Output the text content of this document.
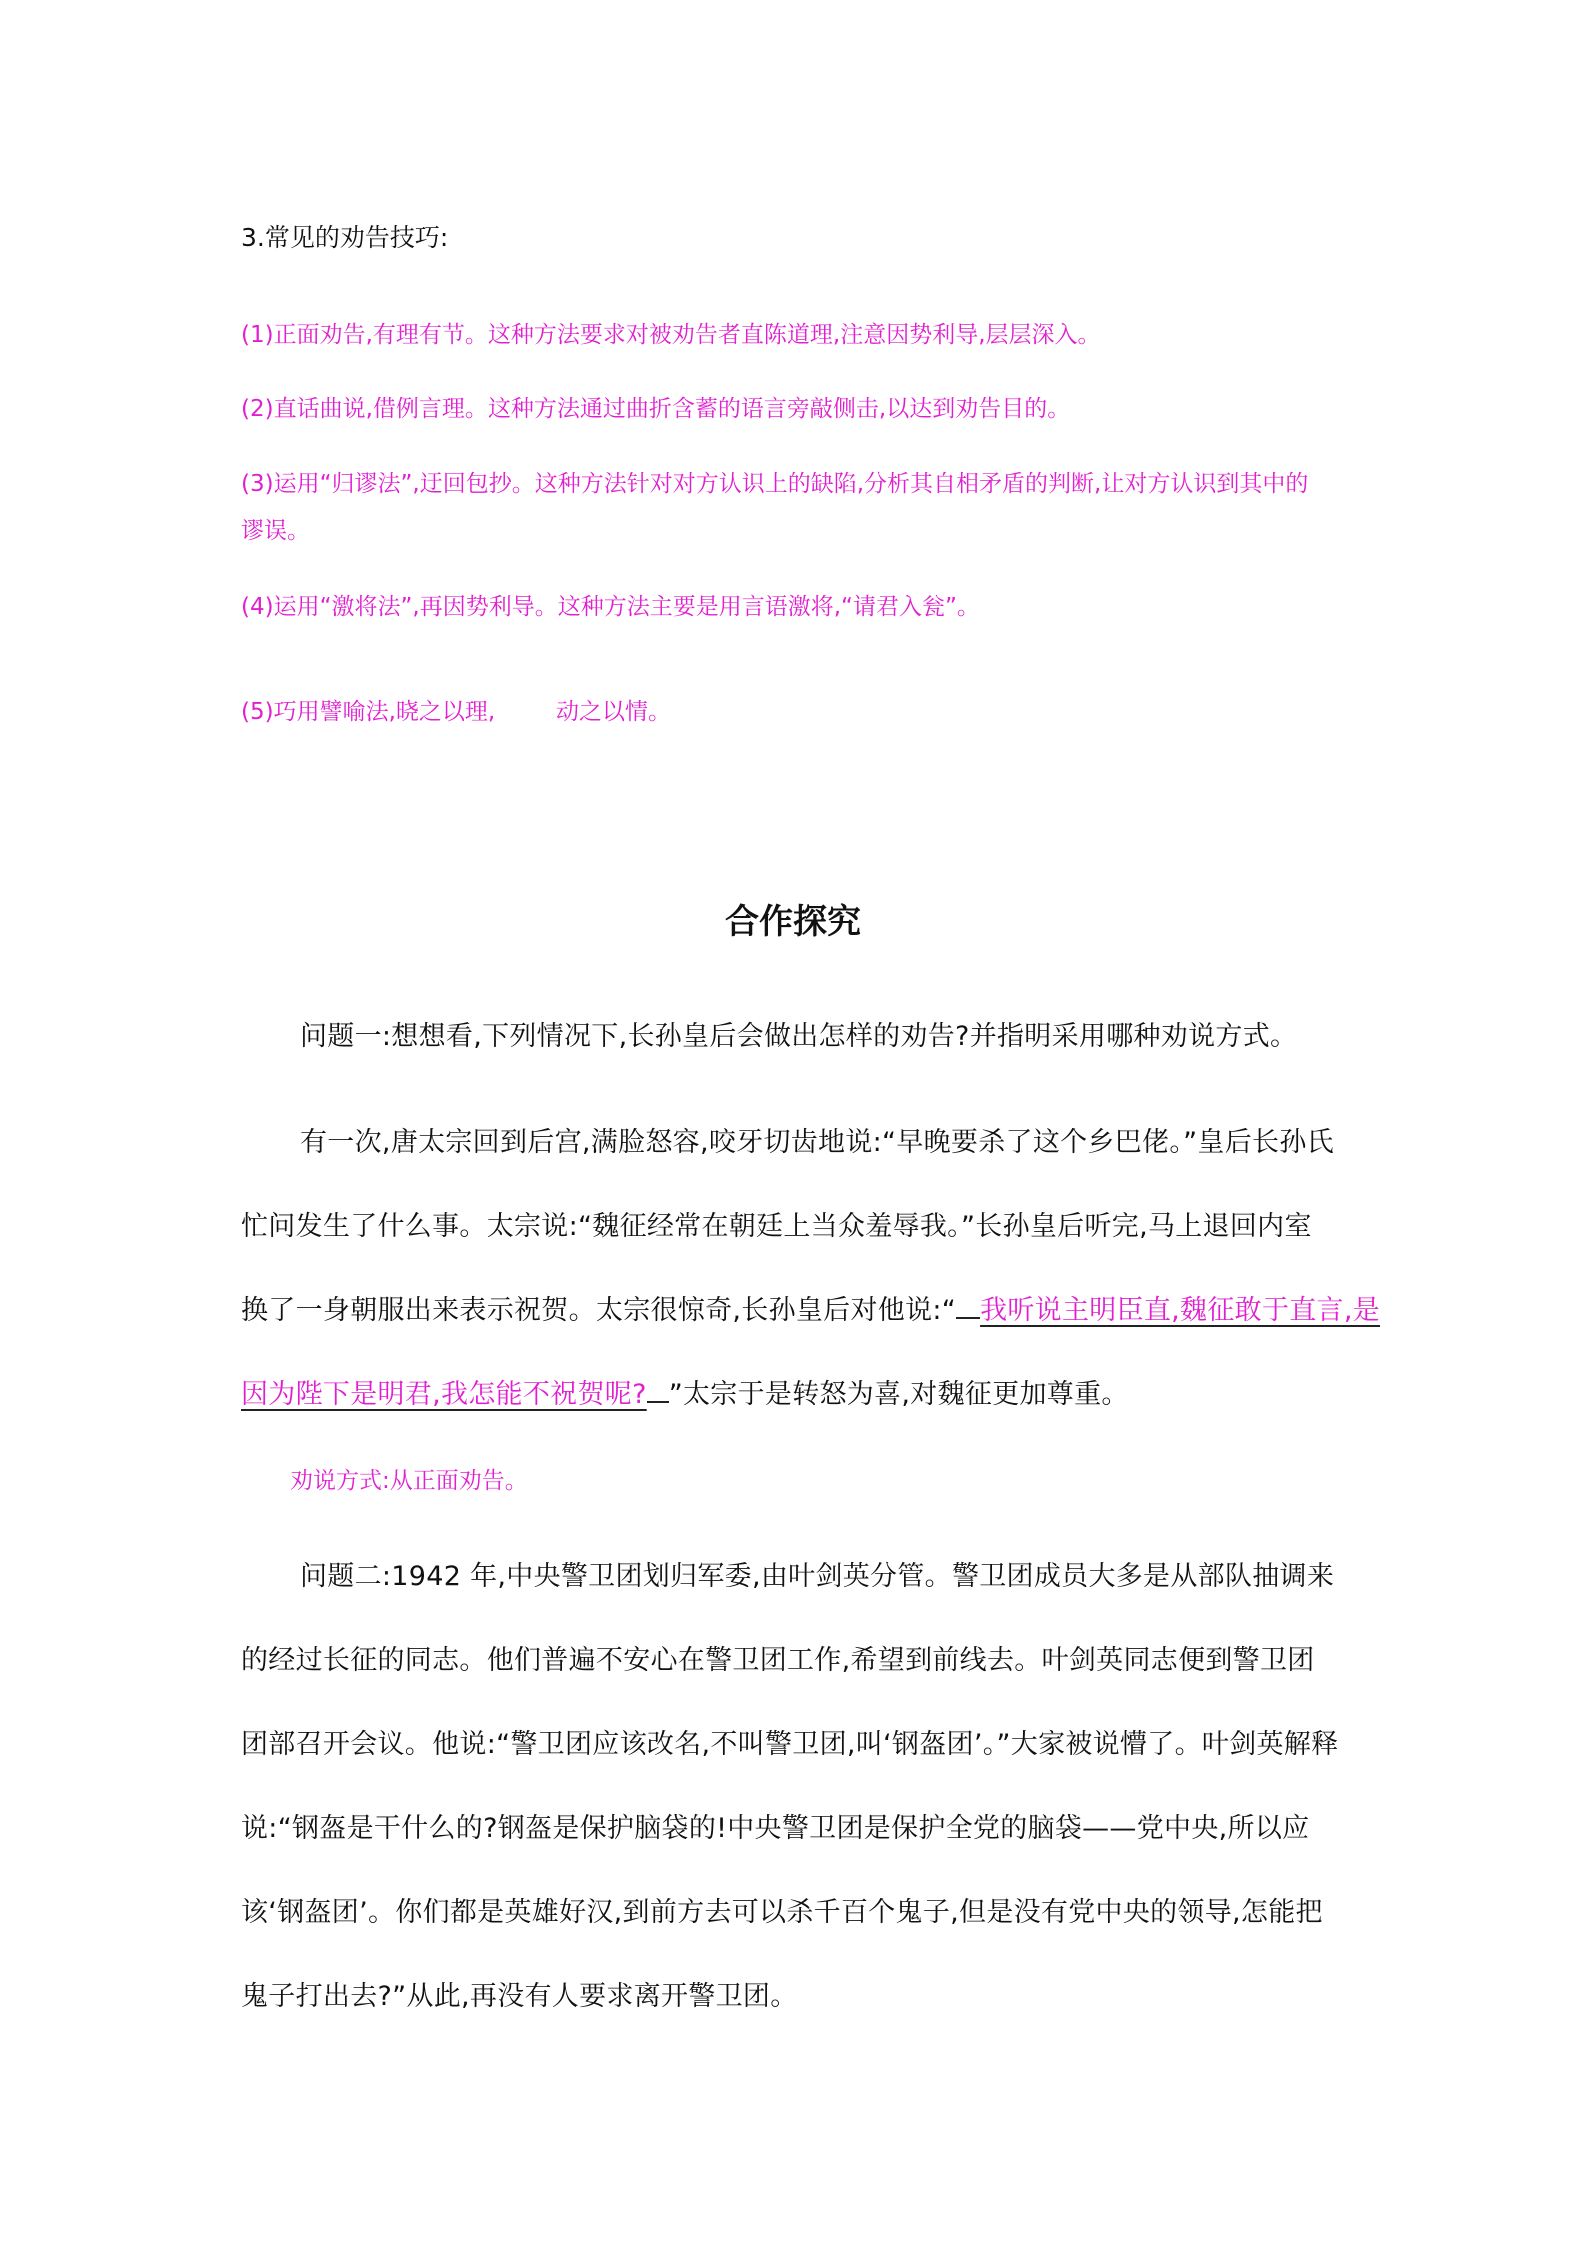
3.常见的劝告技巧:
(1)正面劝告,有理有节。这种方法要求对被劝告者直陈道理,注意因势利导,层层深入。
(2)直话曲说,借例言理。这种方法通过曲折含蓄的语言旁敲侧击,以达到劝告目的。
(3)运用“归谬法”,迂回包抄。这种方法针对对方认识上的缺陷,分析其自相矛盾的判断,让对方认识到其中的
谬误。
(4)运用“激将法”,再因势利导。这种方法主要是用言语激将,“请君入瓮”。
(5)巧用譬喻法,晓之以理,	动之以情。
合作探究
问题一:想想看,下列情况下,长孙皇后会做出怎样的劝告?并指明采用哪种劝说方式。
有一次,唐太宗回到后宫,满脸怒容,咬牙切齿地说:“早晚要杀了这个乡巴佬。”皇后长孙氏
忙问发生了什么事。太宗说:“魏征经常在朝廷上当众羞辱我。”长孙皇后听完,马上退回内室
换了一身朝服出来表示祝贺。太宗很惊奇,长孙皇后对他说:“ 我听说主明臣直,魏征敢于直言,是
因为陛下是明君,我怎能不祝贺呢? ”太宗于是转怒为喜,对魏征更加尊重。
劝说方式:从正面劝告。
问题二:1942 年,中央警卫团划归军委,由叶剑英分管。警卫团成员大多是从部队抽调来
的经过长征的同志。他们普遍不安心在警卫团工作,希望到前线去。叶剑英同志便到警卫团
团部召开会议。他说:“警卫团应该改名,不叫警卫团,叫‘钢盔团’。”大家被说懵了。叶剑英解释
说:“钢盔是干什么的?钢盔是保护脑袋的!中央警卫团是保护全党的脑袋——党中央,所以应
该‘钢盔团’。你们都是英雄好汉,到前方去可以杀千百个鬼子,但是没有党中央的领导,怎能把
鬼子打出去?”从此,再没有人要求离开警卫团。
